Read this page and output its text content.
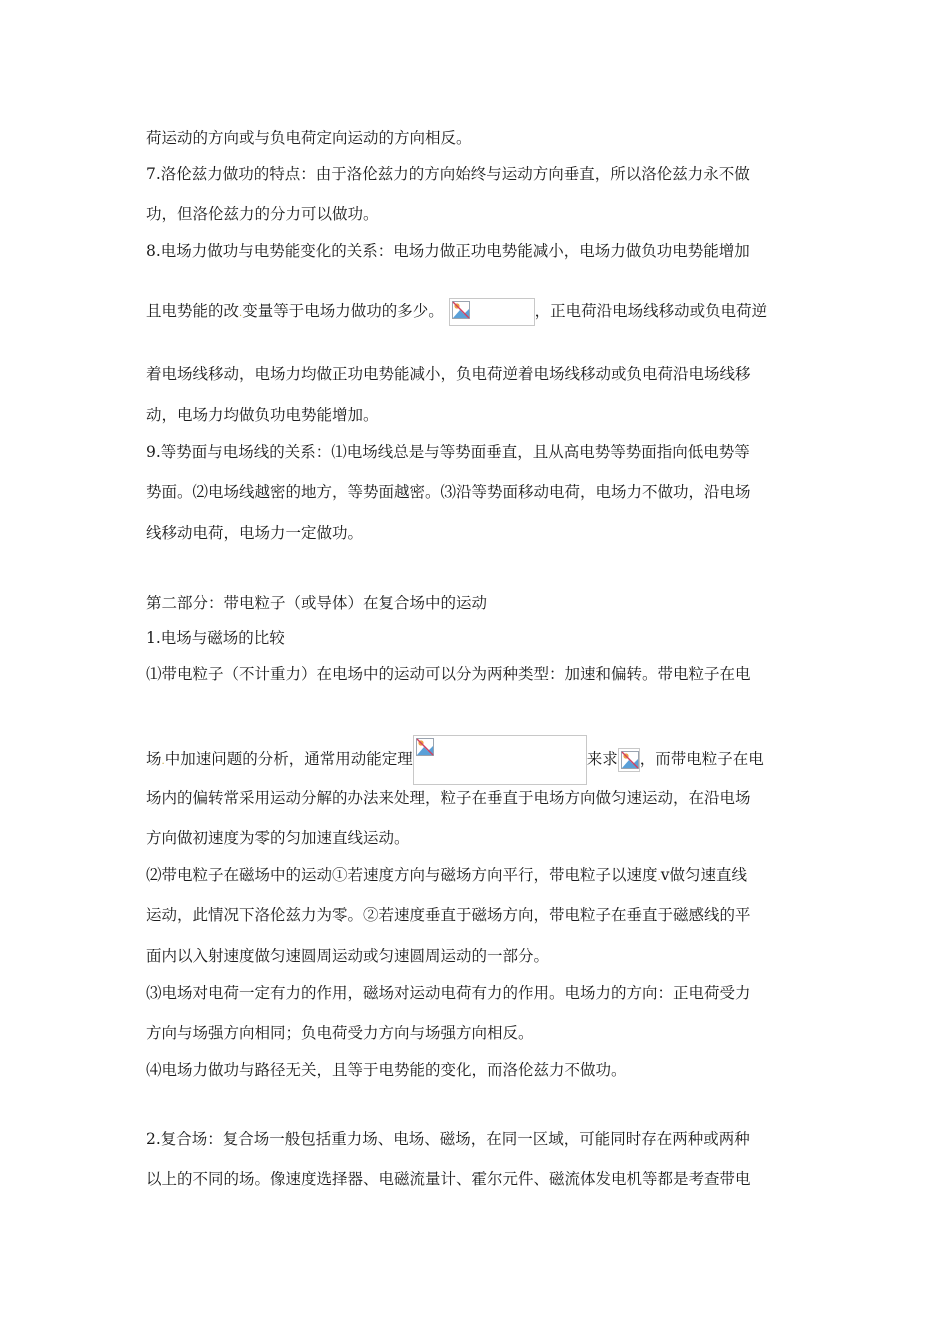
荷运动的方向或与负电荷定向运动的方向相反。
7.洛伦兹力做功的特点：由于洛伦兹力的方向始终与运动方向垂直，所以洛伦兹力永不做
功，但洛伦兹力的分力可以做功。
8.电场力做功与电势能变化的关系：电场力做正功电势能减小，电场力做负功电势能增加
且电势能的改.变量等于电场力做功的多少。	，正电荷沿电场线移动或负电荷逆
着电场线移动，电场力均做正功电势能减小，负电荷逆着电场线移动或负电荷沿电场线移
动，电场力均做负功电势能增加。
9.等势面与电场线的关系：⑴电场线总是与等势面垂直，且从高电势等势面指向低电势等
势面。⑵电场线越密的地方，等势面越密。⑶沿等势面移动电荷，电场力不做功，沿电场
线移动电荷，电场力一定做功。
第二部分：带电粒子（或导体）在复合场中的运动
1.电场与磁场的比较
⑴带电粒子（不计重力）在电场中的运动可以分为两种类型：加速和偏转。带电粒子在电
场.中加速问题的分析，通常用动能定理	来求 ，而带电粒子在电
场内的偏转常采用运动分解的办法来处理，粒子在垂直于电场方向做匀速运动，在沿电场
方向做初速度为零的匀加速直线运动。
⑵带电粒子在磁场中的运动①若速度方向与磁场方向平行，带电粒子以速度.v做匀速直线
运动，此情况下洛伦兹力为零。②若速度垂直于磁场方向，带电粒子在垂直于磁感线的平
面内以入射速度做匀速圆周运动或匀速圆周运动的一部分。
⑶电场对电荷一定有力的作用，磁场对运动电荷有力的作用。电场力的方向：正电荷受力
方向与场强方向相同；负电荷受力方向与场强方向相反。
⑷电场力做功与路径无关，且等于电势能的变化，而洛伦兹力不做功。
2.复合场：复合场一般包括重力场、电场、磁场，在同一区域，可能同时存在两种或两种
以上的不同的场。像速度选择器、电磁流量计、霍尔元件、磁流体发电机等都是考查带电
